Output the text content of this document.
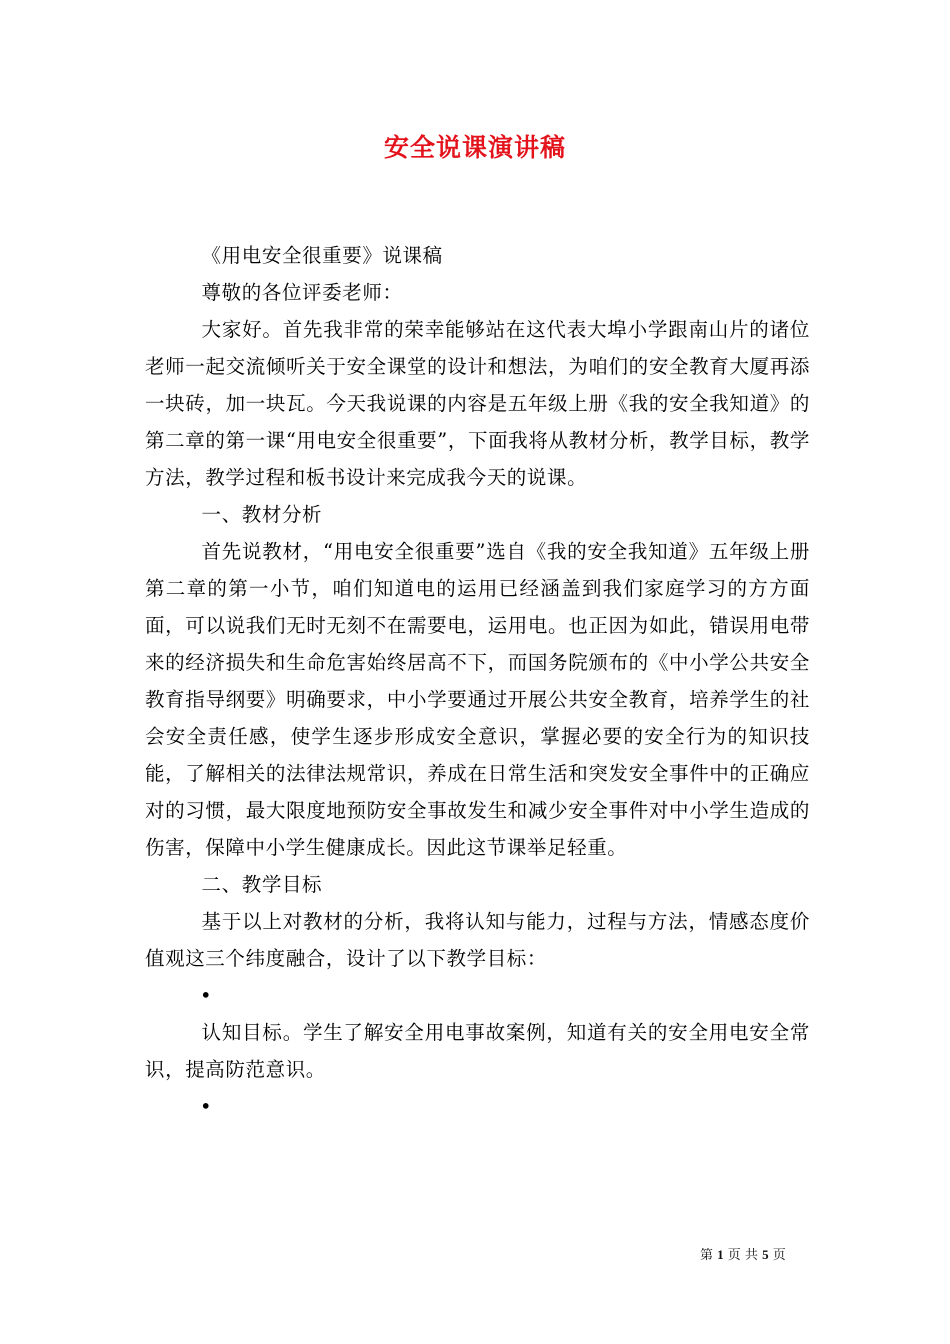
安全说课演讲稿

《用电安全很重要》说课稿

尊敬的各位评委老师：

大家好。首先我非常的荣幸能够站在这代表大埠小学跟南山片的诸位老师一起交流倾听关于安全课堂的设计和想法，为咱们的安全教育大厦再添一块砖，加一块瓦。今天我说课的内容是五年级上册《我的安全我知道》的第二章的第一课“用电安全很重要”，下面我将从教材分析，教学目标，教学方法，教学过程和板书设计来完成我今天的说课。

一、教材分析

首先说教材，“用电安全很重要”选自《我的安全我知道》五年级上册第二章的第一小节，咱们知道电的运用已经涵盖到我们家庭学习的方方面面，可以说我们无时无刻不在需要电，运用电。也正因为如此，错误用电带来的经济损失和生命危害始终居高不下，而国务院颁布的《中小学公共安全教育指导纲要》明确要求，中小学要通过开展公共安全教育，培养学生的社会安全责任感，使学生逐步形成安全意识，掌握必要的安全行为的知识技能，了解相关的法律法规常识，养成在日常生活和突发安全事件中的正确应对的习惯，最大限度地预防安全事故发生和减少安全事件对中小学生造成的伤害，保障中小学生健康成长。因此这节课举足轻重。

二、教学目标

基于以上对教材的分析，我将认知与能力，过程与方法，情感态度价值观这三个纬度融合，设计了以下教学目标：

•

认知目标。学生了解安全用电事故案例，知道有关的安全用电安全常识，提高防范意识。

•

第 1 页 共 5 页
